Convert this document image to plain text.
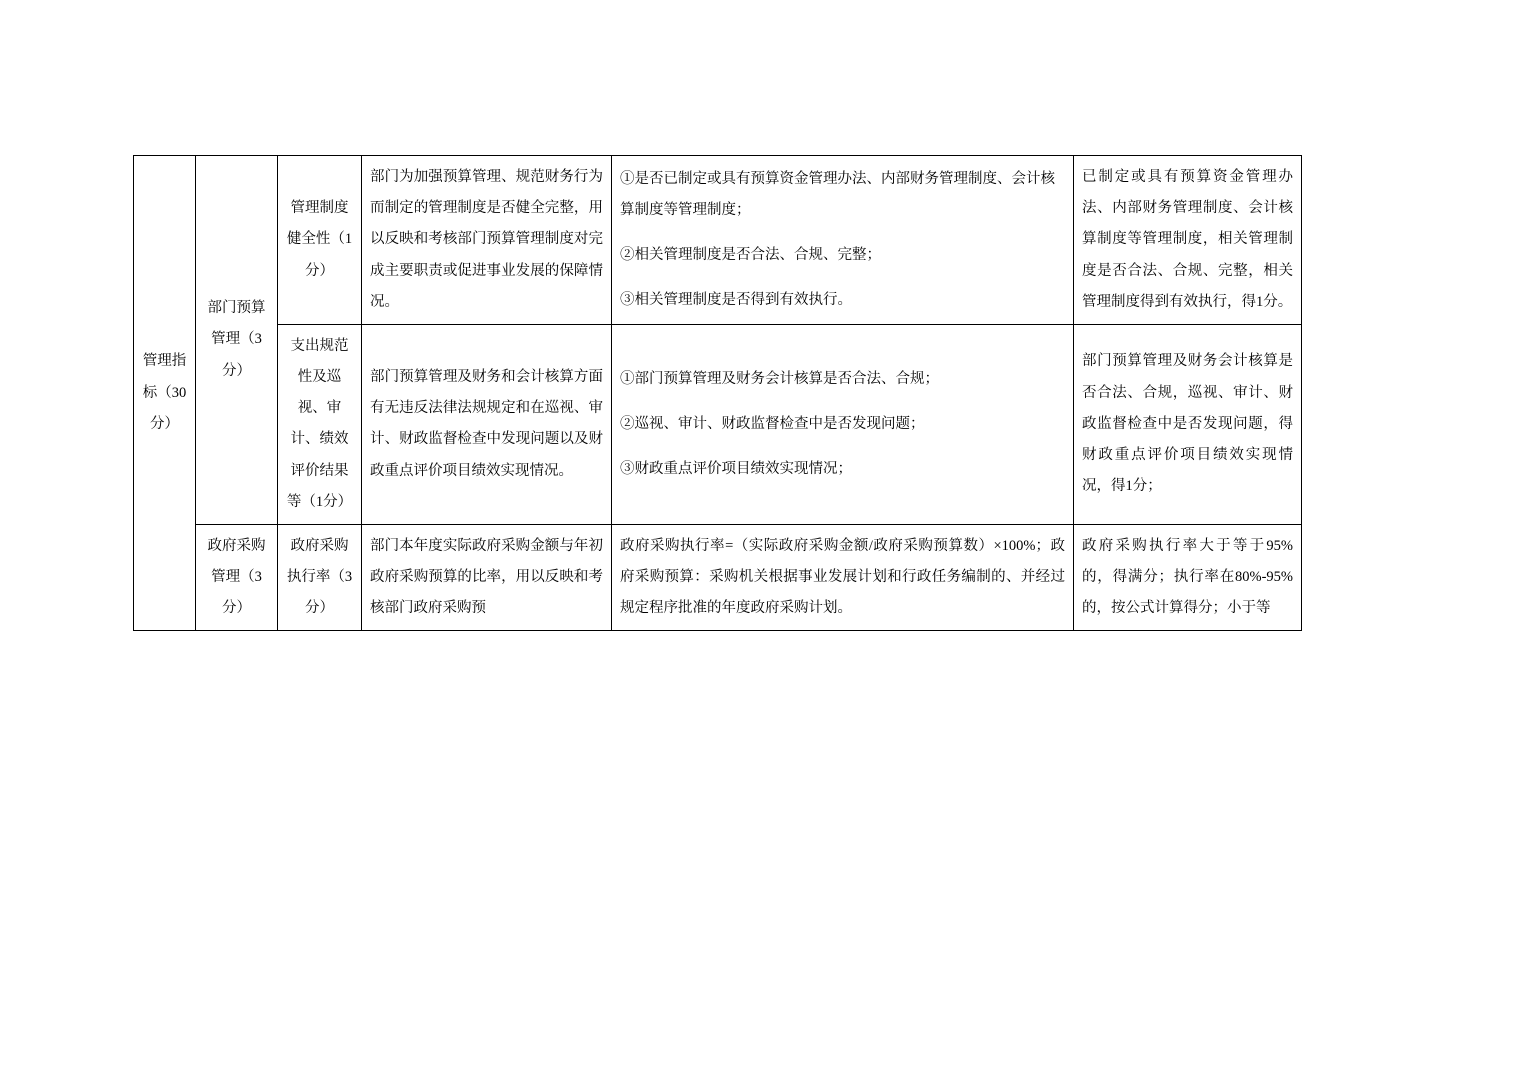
管理指标（30分）	部门预算管理（3分）	管理制度健全性（1分）	部门为加强预算管理、规范财务行为而制定的管理制度是否健全完整，用以反映和考核部门预算管理制度对完成主要职责或促进事业发展的保障情况。	①是否已制定或具有预算资金管理办法、内部财务管理制度、会计核算制度等管理制度；

②相关管理制度是否合法、合规、完整；

③相关管理制度是否得到有效执行。	已制定或具有预算资金管理办法、内部财务管理制度、会计核算制度等管理制度，相关管理制度是否合法、合规、完整，相关管理制度得到有效执行，得1分。
		支出规范性及巡视、审计、绩效评价结果等（1分）	部门预算管理及财务和会计核算方面有无违反法律法规规定和在巡视、审计、财政监督检查中发现问题以及财政重点评价项目绩效实现情况。	①部门预算管理及财务会计核算是否合法、合规；

②巡视、审计、财政监督检查中是否发现问题；

③财政重点评价项目绩效实现情况；	部门预算管理及财务会计核算是否合法、合规，巡视、审计、财政监督检查中是否发现问题，得财政重点评价项目绩效实现情况，得1分；
	政府采购管理（3分）	政府采购执行率（3分）	部门本年度实际政府采购金额与年初政府采购预算的比率，用以反映和考核部门政府采购预	政府采购执行率=（实际政府采购金额/政府采购预算数）×100%；政府采购预算：采购机关根据事业发展计划和行政任务编制的、并经过规定程序批准的年度政府采购计划。	政府采购执行率大于等于95%的，得满分；执行率在80%-95%的，按公式计算得分；小于等
